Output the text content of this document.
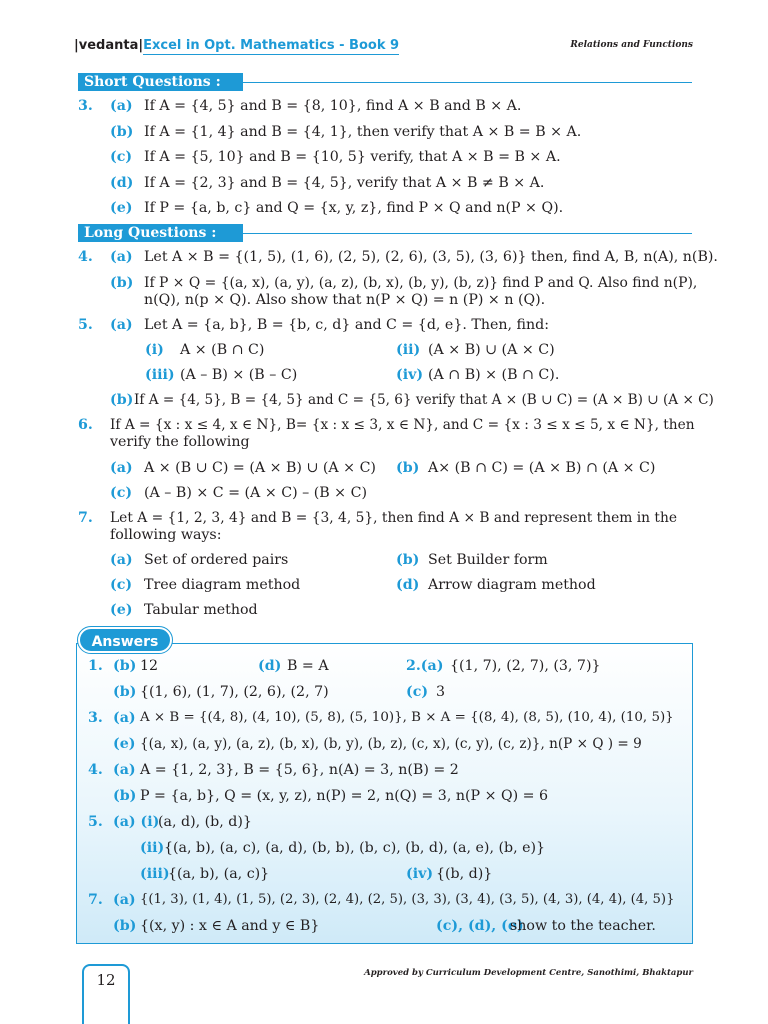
|vedanta|Excel in Opt. Mathematics - Book 9	Relations and Functions
Short Questions :
3. (a) If A = {4, 5} and B = {8, 10}, find A × B and B × A.
(b) If A = {1, 4} and B = {4, 1}, then verify that A × B = B × A.
(c) If A = {5, 10} and B = {10, 5} verify, that A × B = B × A.
(d) If A = {2, 3} and B = {4, 5}, verify that A × B ≠ B × A.
(e) If P = {a, b, c} and Q = {x, y, z}, find P × Q and n(P × Q).
Long Questions :
4. (a) Let A × B = {(1, 5), (1, 6), (2, 5), (2, 6), (3, 5), (3, 6)} then, find A, B, n(A), n(B).
(b) If P × Q = {(a, x), (a, y), (a, z), (b, x), (b, y), (b, z)} find P and Q. Also find n(P),
n(Q), n(p × Q). Also show that n(P × Q) = n (P) × n (Q).
5. (a) Let A = {a, b}, B = {b, c, d} and C = {d, e}. Then, find:
(i) A × (B ∩ C)	(ii) (A × B) ∪ (A × C)
(iii) (A – B) × (B – C)	(iv) (A ∩ B) × (B ∩ C).
(b) If A = {4, 5}, B = {4, 5} and C = {5, 6} verify that A × (B ∪ C) = (A × B) ∪ (A × C)
6. If A = {x : x ≤ 4, x ∈ N}, B= {x : x ≤ 3, x ∈ N}, and C = {x : 3 ≤ x ≤ 5, x ∈ N}, then
verify the following
(a) A × (B ∪ C) = (A × B) ∪ (A × C) (b) A× (B ∩ C) = (A × B) ∩ (A × C)
(c) (A – B) × C = (A × C) – (B × C)
7. Let A = {1, 2, 3, 4} and B = {3, 4, 5}, then find A × B and represent them in the
following ways:
(a) Set of ordered pairs	(b) Set Builder form
(c) Tree diagram method	(d) Arrow diagram method
(e) Tabular method
Answers
1. (b) 12	(d) B = A	2.(a) {(1, 7), (2, 7), (3, 7)}
(b) {(1, 6), (1, 7), (2, 6), (2, 7)	(c) 3
3. (a) A × B = {(4, 8), (4, 10), (5, 8), (5, 10)}, B × A = {(8, 4), (8, 5), (10, 4), (10, 5)}
(e) {(a, x), (a, y), (a, z), (b, x), (b, y), (b, z), (c, x), (c, y), (c, z)}, n(P × Q ) = 9
4. (a) A = {1, 2, 3}, B = {5, 6}, n(A) = 3, n(B) = 2
(b) P = {a, b}, Q = (x, y, z), n(P) = 2, n(Q) = 3, n(P × Q) = 6
5. (a) (i)
(a, d), (b, d)}
(ii) {(a, b), (a, c), (a, d), (b, b), (b, c), (b, d), (a, e), (b, e)}
(iii)
{(a, b), (a, c)}	(iv) {(b, d)}
7. (a) {(1, 3), (1, 4), (1, 5), (2, 3), (2, 4), (2, 5), (3, 3), (3, 4), (3, 5), (4, 3), (4, 4), (4, 5)}
(b) {(x, y) : x ∈ A and y ∈ B}	(c), (d), (e)
show to the teacher.
12	Approved by Curriculum Development Centre, Sanothimi, Bhaktapur
